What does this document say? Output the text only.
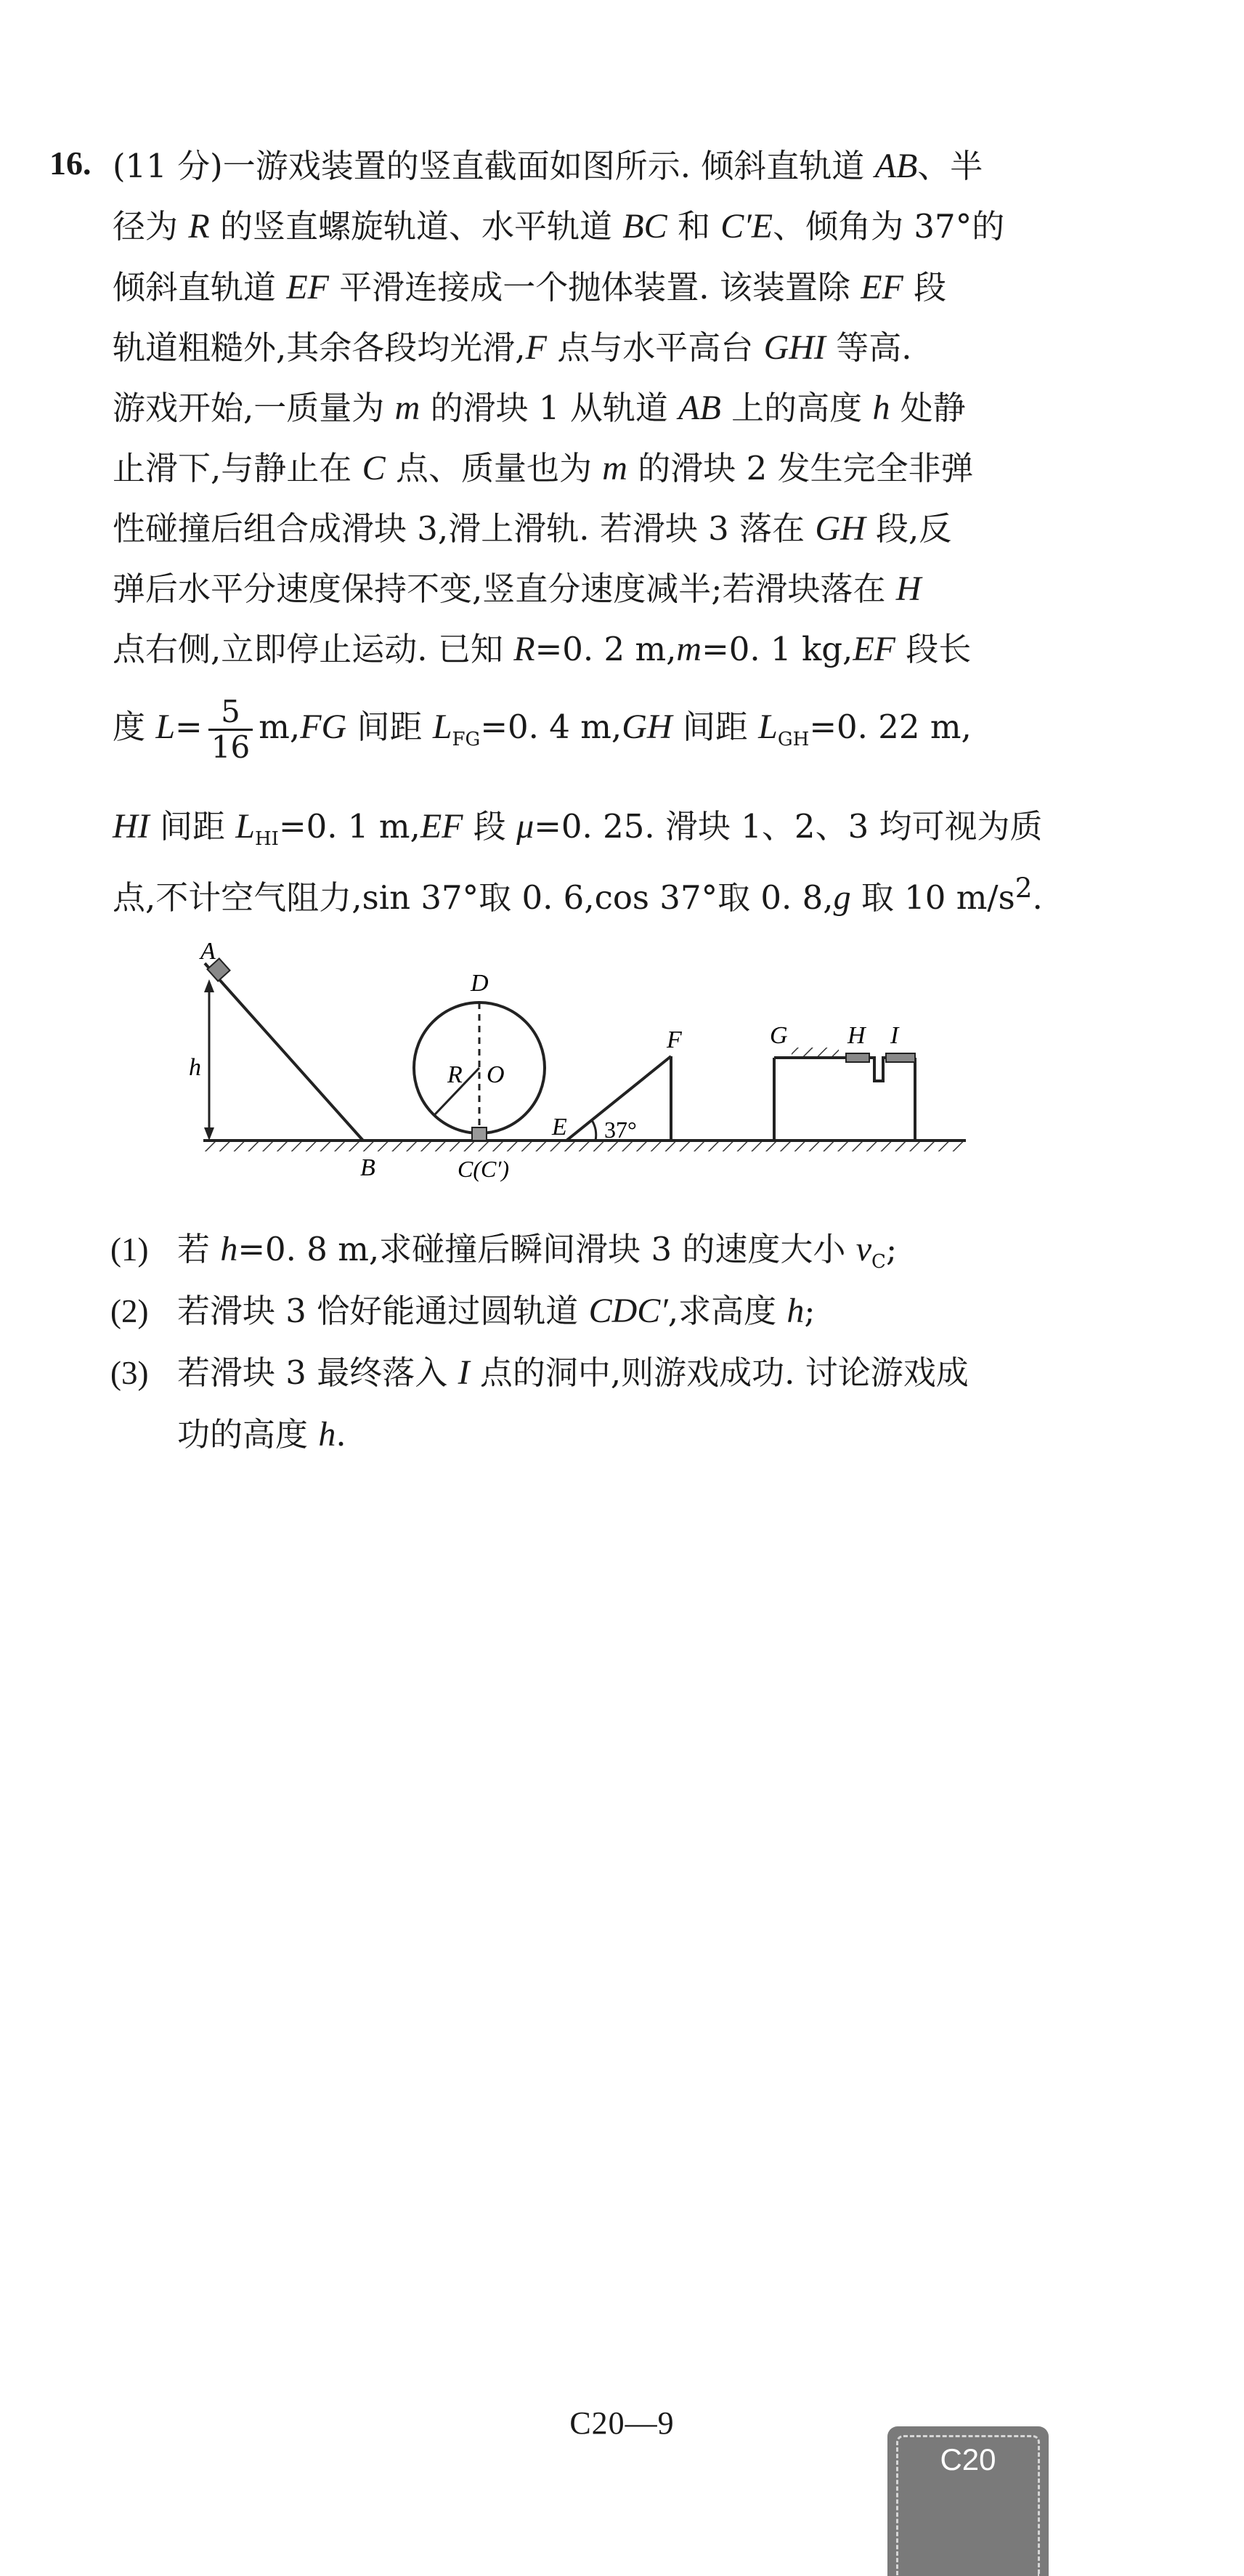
16. (11 分)一游戏装置的竖直截面如图所示. 倾斜直轨道 AB、半
径为 R 的竖直螺旋轨道、水平轨道 BC 和 C′E、倾角为 37°的
倾斜直轨道 EF 平滑连接成一个抛体装置. 该装置除 EF 段
轨道粗糙外,其余各段均光滑,F 点与水平高台 GHI 等高.
游戏开始,一质量为 m 的滑块 1 从轨道 AB 上的高度 h 处静
止滑下,与静止在 C 点、质量也为 m 的滑块 2 发生完全非弹
性碰撞后组合成滑块 3,滑上滑轨. 若滑块 3 落在 GH 段,反
弹后水平分速度保持不变,竖直分速度减半;若滑块落在 H
点右侧,立即停止运动. 已知 R=0. 2 m,m=0. 1 kg,EF 段长
度 $L= \frac{5}{16} m,FG$ 间距 $L_{FG}=0$. 4 m,GH 间距 $L_{GH}=0$. 22 m,
HI 间距 $L_{HI}=0$. 1 m,EF 段 μ=0. 25. 滑块 1、2、3 均可视为质
点,不计空气阻力,sin 37°取 0. 6,cos 37°取 0. 8,g 取 10 $m/s^2$.
A
h
B
D
R O
C(C′)
E 37°
F	G H I
(1) 若 h=0. 8 m,求碰撞后瞬间滑块 3 的速度大小 $v_C$;
(2) 若滑块 3 恰好能通过圆轨道 CDC′,求高度 h;
(3) 若滑块 3 最终落入 I 点的洞中,则游戏成功. 讨论游戏成
功的高度 h.
C20—9
C20
